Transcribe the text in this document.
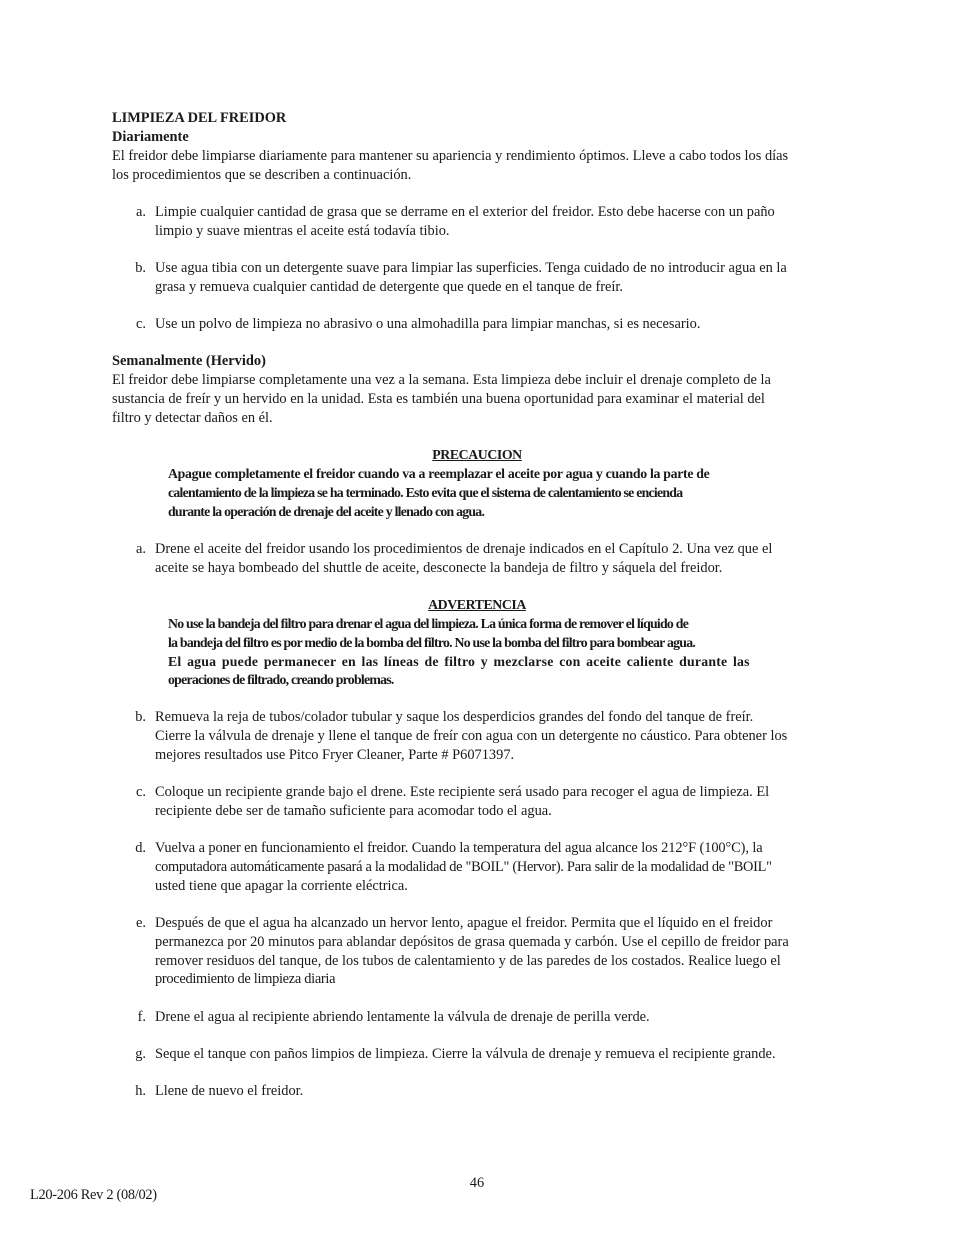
LIMPIEZA DEL FREIDOR
Diariamente
El freidor debe limpiarse diariamente para mantener su apariencia y rendimiento óptimos. Lleve a cabo todos los días
los procedimientos que se describen a continuación.
a. Limpie cualquier cantidad de grasa que se derrame en el exterior del freidor. Esto debe hacerse con un paño
limpio y suave mientras el aceite está todavía tibio.
b. Use agua tibia con un detergente suave para limpiar las superficies. Tenga cuidado de no introducir agua en la
grasa y remueva cualquier cantidad de detergente que quede en el tanque de freír.
c. Use un polvo de limpieza no abrasivo o una almohadilla para limpiar manchas, si es necesario.
Semanalmente (Hervido)
El freidor debe limpiarse completamente una vez a la semana. Esta limpieza debe incluir el drenaje completo de la
sustancia de freír y un hervido en la unidad. Esta es también una buena oportunidad para examinar el material del
filtro y detectar daños en él.
PRECAUCION
Apague completamente el freidor cuando va a reemplazar el aceite por agua y cuando la parte de
calentamiento de la limpieza se ha terminado. Esto evita que el sistema de calentamiento se encienda
durante la operación de drenaje del aceite y llenado con agua.
a. Drene el aceite del freidor usando los procedimientos de drenaje indicados en el Capítulo 2. Una vez que el
aceite se haya bombeado del shuttle de aceite, desconecte la bandeja de filtro y sáquela del freidor.
ADVERTENCIA
No use la bandeja del filtro para drenar el agua del limpieza. La única forma de remover el líquido de
la bandeja del filtro es por medio de la bomba del filtro. No use la bomba del filtro para bombear agua.
El agua puede permanecer en las líneas de filtro y mezclarse con aceite caliente durante las
operaciones de filtrado, creando problemas.
b. Remueva la reja de tubos/colador tubular y saque los desperdicios grandes del fondo del tanque de freír.
Cierre la válvula de drenaje y llene el tanque de freír con agua con un detergente no cáustico. Para obtener los
mejores resultados use Pitco Fryer Cleaner, Parte # P6071397.
c. Coloque un recipiente grande bajo el drene. Este recipiente será usado para recoger el agua de limpieza. El
recipiente debe ser de tamaño suficiente para acomodar todo el agua.
d. Vuelva a poner en funcionamiento el freidor. Cuando la temperatura del agua alcance los 212°F (100°C), la
computadora automáticamente pasará a la modalidad de "BOIL" (Hervor). Para salir de la modalidad de "BOIL"
usted tiene que apagar la corriente eléctrica.
e. Después de que el agua ha alcanzado un hervor lento, apague el freidor. Permita que el líquido en el freidor
permanezca por 20 minutos para ablandar depósitos de grasa quemada y carbón. Use el cepillo de freidor para
remover residuos del tanque, de los tubos de calentamiento y de las paredes de los costados. Realice luego el
procedimiento de limpieza diaria
f. Drene el agua al recipiente abriendo lentamente la válvula de drenaje de perilla verde.
g. Seque el tanque con paños limpios de limpieza. Cierre la válvula de drenaje y remueva el recipiente grande.
h. Llene de nuevo el freidor.
46
L20-206 Rev 2 (08/02)
